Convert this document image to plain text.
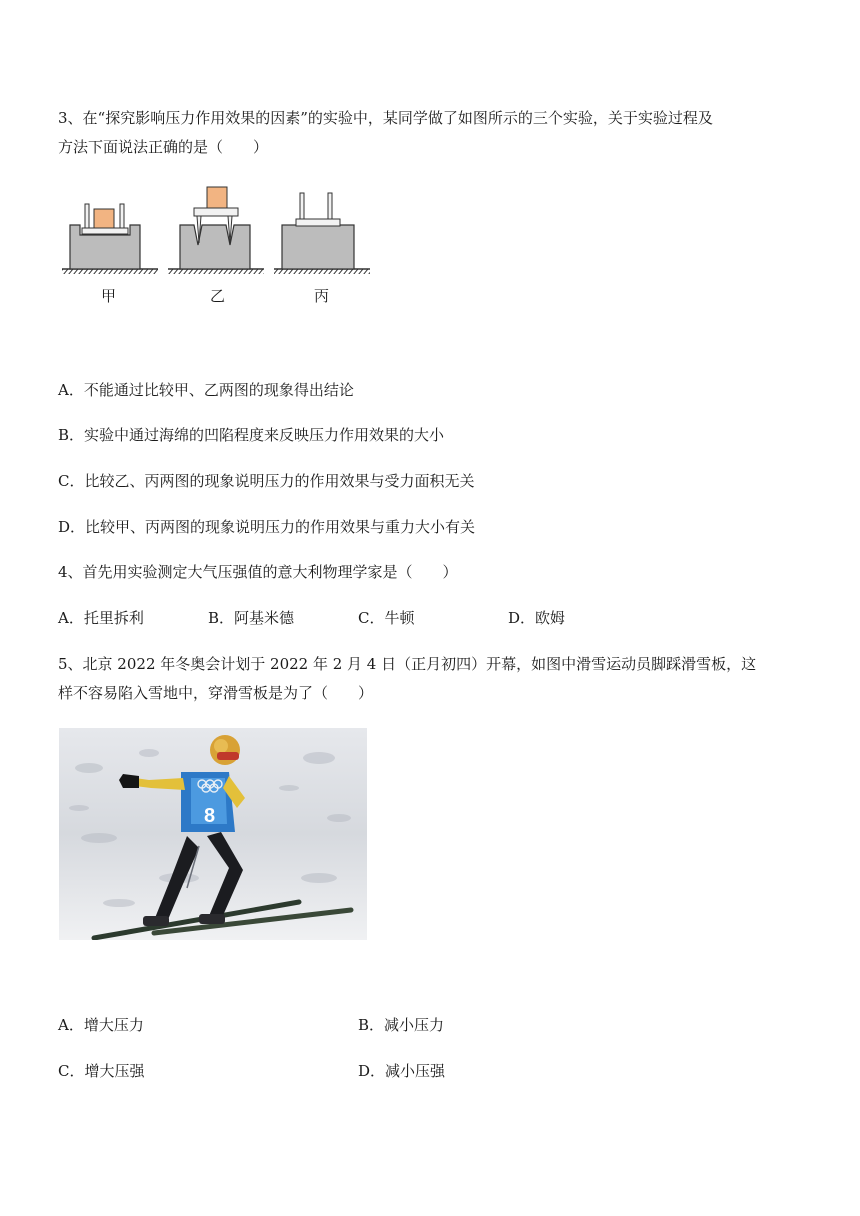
3、在“探究影响压力作用效果的因素”的实验中，某同学做了如图所示的三个实验，关于实验过程及
方法下面说法正确的是（　　）
甲	乙	丙
A．不能通过比较甲、乙两图的现象得出结论
B．实验中通过海绵的凹陷程度来反映压力作用效果的大小
C．比较乙、丙两图的现象说明压力的作用效果与受力面积无关
D．比较甲、丙两图的现象说明压力的作用效果与重力大小有关
4、首先用实验测定大气压强值的意大利物理学家是（　　）
A．托里拆利	B．阿基米德	C．牛顿	D．欧姆
5、北京 2022 年冬奥会计划于 2022 年 2 月 4 日（正月初四）开幕，如图中滑雪运动员脚踩滑雪板，这
样不容易陷入雪地中，穿滑雪板是为了（　　）
8
A．增大压力	B．减小压力
C．增大压强	D．减小压强
